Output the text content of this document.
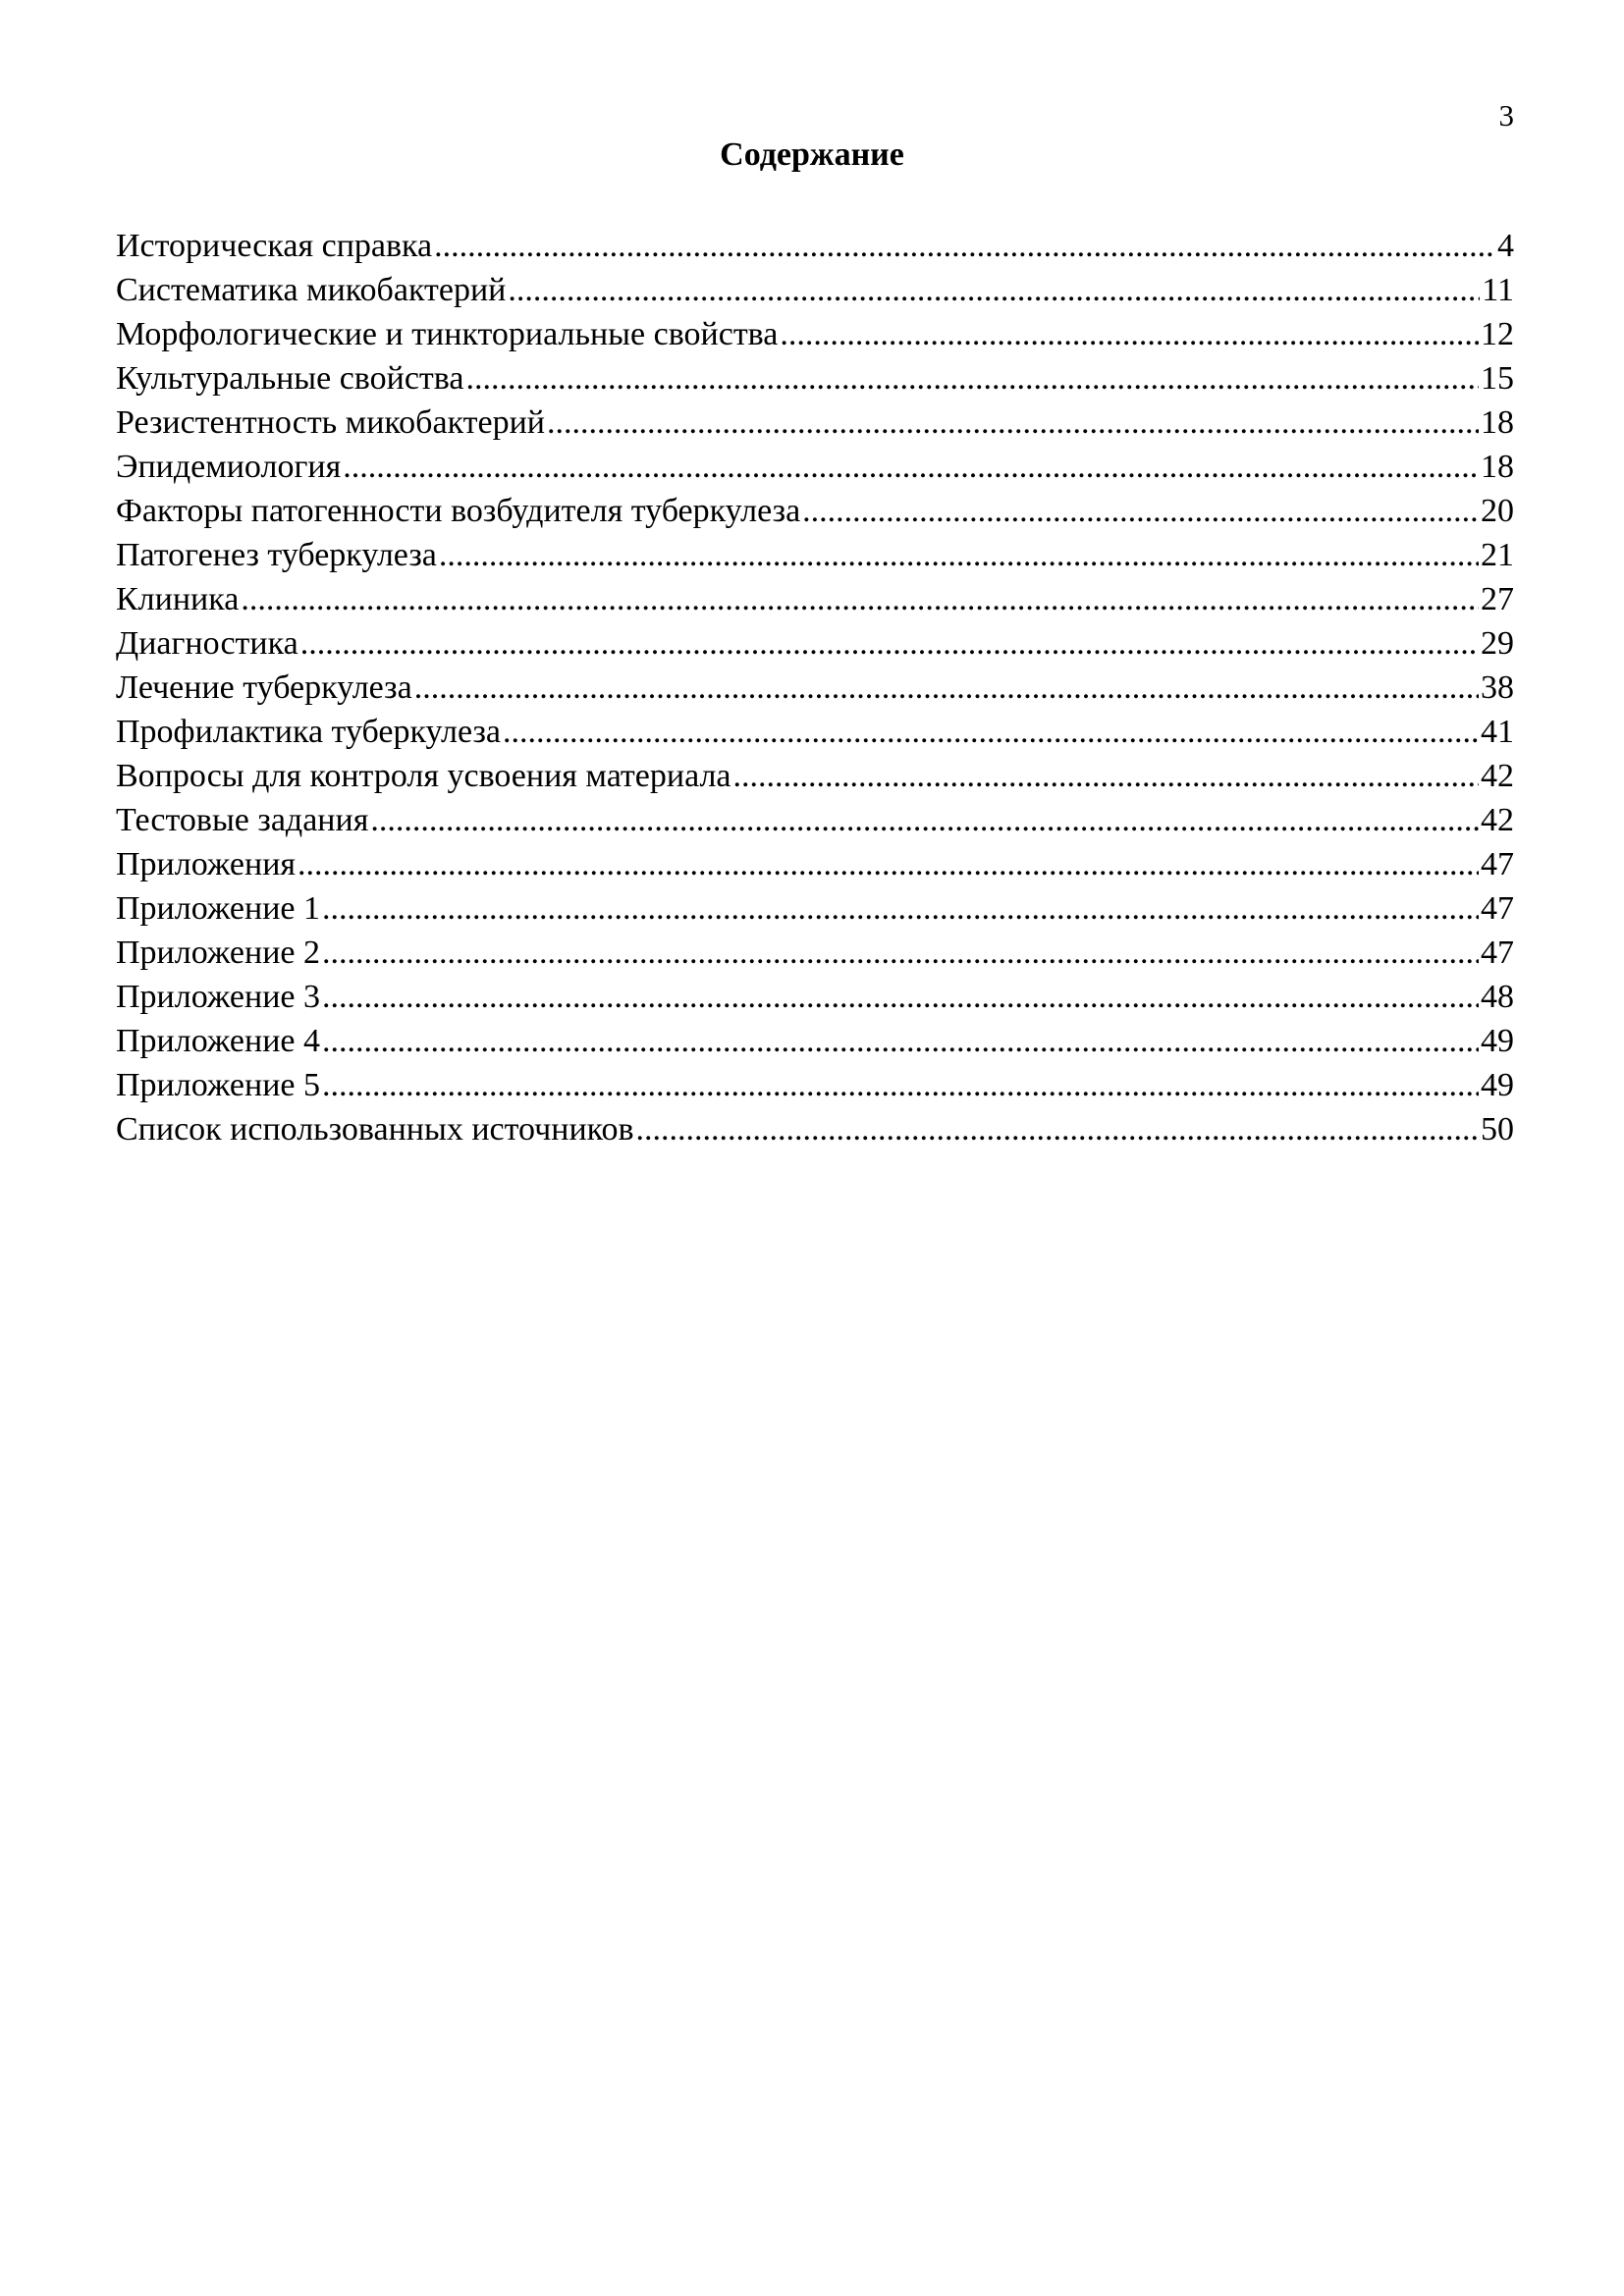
3
Содержание
Историческая справка .....	4
Систематика микобактерий .....	11
Морфологические и тинкториальные свойства .....	12
Культуральные свойства .....	15
Резистентность микобактерий .....	18
Эпидемиология .....	18
Факторы патогенности возбудителя туберкулеза .....	20
Патогенез туберкулеза .....	21
Клиника .....	27
Диагностика .....	29
Лечение туберкулеза .....	38
Профилактика туберкулеза .....	41
Вопросы для контроля усвоения материала .....	42
Тестовые задания .....	42
Приложения .....	47
Приложение 1 .....	47
Приложение 2 .....	47
Приложение 3 .....	48
Приложение 4 .....	49
Приложение 5 .....	49
Список использованных источников .....	50
